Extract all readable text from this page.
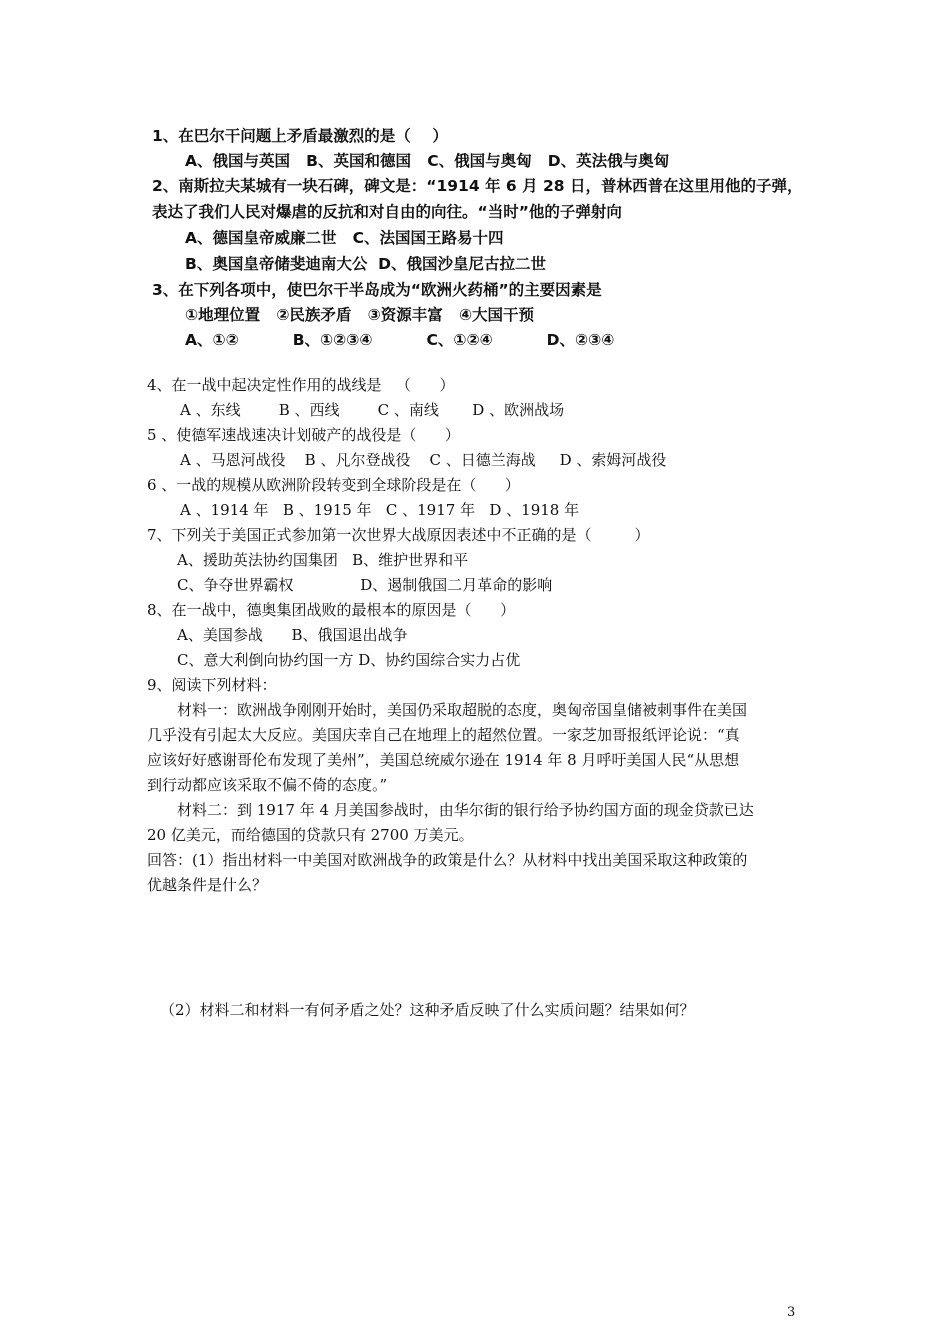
1、在巴尔干问题上矛盾最激烈的是（    ）
A、俄国与英国   B、英国和德国   C、俄国与奥匈   D、英法俄与奥匈
2、南斯拉夫某城有一块石碑，碑文是：“1914 年 6 月 28 日，普林西普在这里用他的子弹，
表达了我们人民对爆虐的反抗和对自由的向往。“当时”他的子弹射向
A、德国皇帝威廉二世   C、法国国王路易十四
B、奥国皇帝储斐迪南大公  D、俄国沙皇尼古拉二世
3、在下列各项中，使巴尔干半岛成为“欧洲火药桶”的主要因素是
①地理位置   ②民族矛盾   ③资源丰富   ④大国干预
A、①②          B、①②③④          C、①②④          D、②③④
4、在一战中起决定性作用的战线是   （      ）
A 、东线        B 、西线        C 、南线       D 、欧洲战场
5 、使德军速战速决计划破产的战役是（      ）
A 、马恩河战役    B 、凡尔登战役    C 、日德兰海战     D 、索姆河战役
6 、一战的规模从欧洲阶段转变到全球阶段是在（      ）
A 、1914 年   B 、1915 年   C 、1917 年   D 、1918 年
7、下列关于美国正式参加第一次世界大战原因表述中不正确的是（         ）
A、援助英法协约国集团   B、维护世界和平
C、争夺世界霸权              D、遏制俄国二月革命的影响
8、在一战中，德奥集团战败的最根本的原因是（      ）
A、美国参战      B、俄国退出战争
C、意大利倒向协约国一方 D、协约国综合实力占优
9、阅读下列材料：
材料一：欧洲战争刚刚开始时，美国仍采取超脱的态度，奥匈帝国皇储被刺事件在美国
几乎没有引起太大反应。美国庆幸自己在地理上的超然位置。一家芝加哥报纸评论说：“真
应该好好感谢哥伦布发现了美州”，美国总统威尔逊在 1914 年 8 月呼吁美国人民“从思想
到行动都应该采取不偏不倚的态度。”
材料二：到 1917 年 4 月美国参战时，由华尔街的银行给予协约国方面的现金贷款已达
20 亿美元，而给德国的贷款只有 2700 万美元。
回答：(1）指出材料一中美国对欧洲战争的政策是什么？从材料中找出美国采取这种政策的
优越条件是什么？
（2）材料二和材料一有何矛盾之处？这种矛盾反映了什么实质问题？结果如何？
3
